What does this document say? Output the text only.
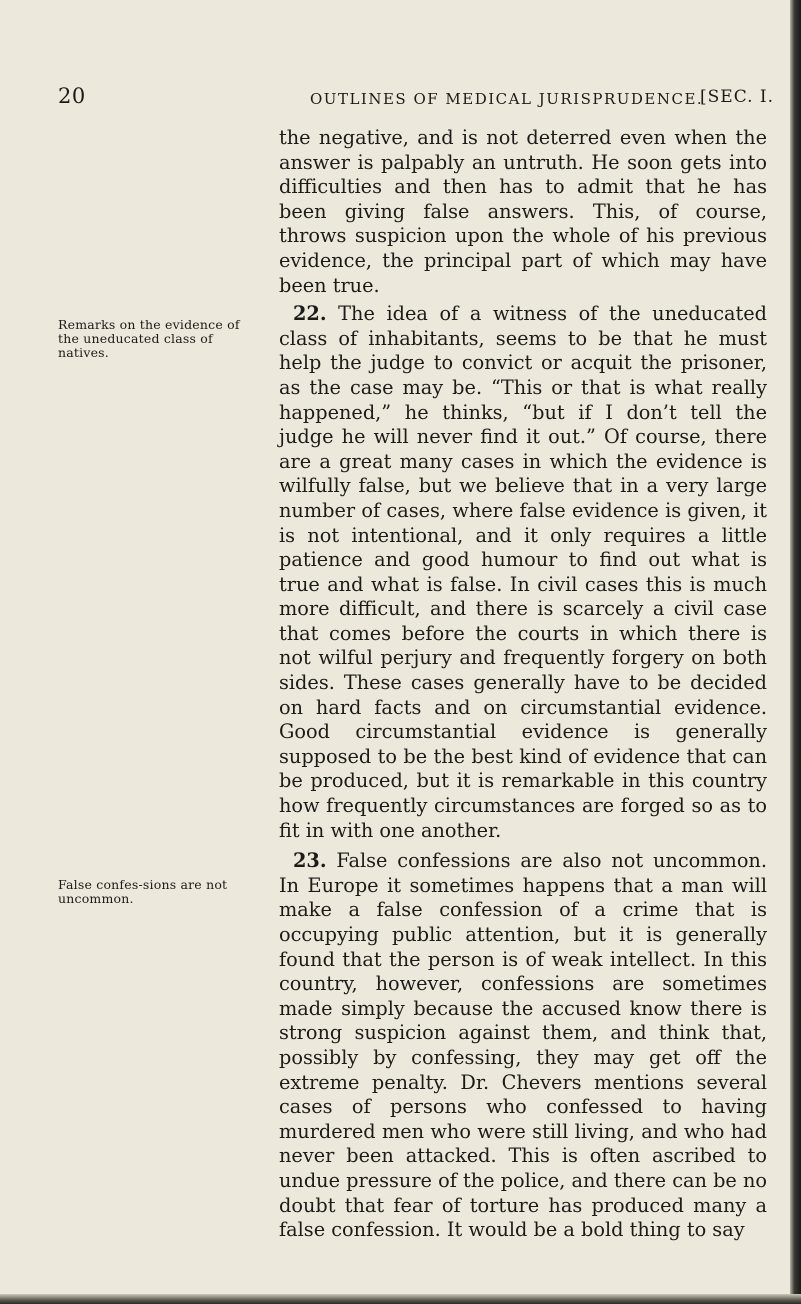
20	OUTLINES OF MEDICAL JURISPRUDENCE.
[SEC. I.
Remarks on the evidence of the uneducated class of natives.
False confes-sions are not uncommon.

the negative, and is not deterred even when the answer is palpably an untruth. He soon gets into difficulties and then has to admit that he has been giving false answers. This, of course, throws suspicion upon the whole of his previous evidence, the principal part of which may have been true.

22. The idea of a witness of the uneducated class of inhabitants, seems to be that he must help the judge to convict or acquit the prisoner, as the case may be. “This or that is what really happened,” he thinks, “but if I don’t tell the judge he will never find it out.” Of course, there are a great many cases in which the evidence is wilfully false, but we believe that in a very large number of cases, where false evidence is given, it is not intentional, and it only requires a little patience and good humour to find out what is true and what is false. In civil cases this is much more difficult, and there is scarcely a civil case that comes before the courts in which there is not wilful perjury and frequently forgery on both sides. These cases generally have to be decided on hard facts and on circumstantial evidence. Good circumstantial evidence is generally supposed to be the best kind of evidence that can be produced, but it is remarkable in this country how frequently circumstances are forged so as to fit in with one another.

23. False confessions are also not uncommon. In Europe it sometimes happens that a man will make a false confession of a crime that is occupying public attention, but it is generally found that the person is of weak intellect. In this country, however, confessions are sometimes made simply because the accused know there is strong suspicion against them, and think that, possibly by confessing, they may get off the extreme penalty. Dr. Chevers mentions several cases of persons who confessed to having murdered men who were still living, and who had never been attacked. This is often ascribed to undue pressure of the police, and there can be no doubt that fear of torture has produced many a false confession. It would be a bold thing to say
